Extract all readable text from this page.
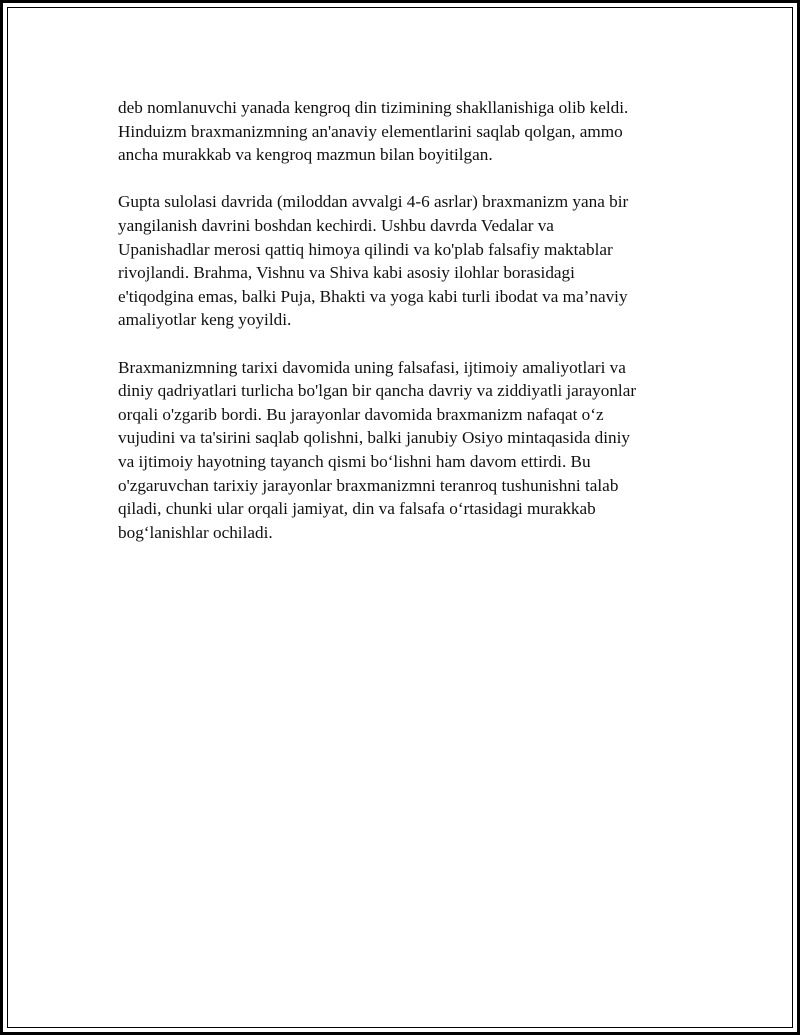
deb nomlanuvchi yanada kengroq din tizimining shakllanishiga olib keldi.
Hinduizm braxmanizmning an'anaviy elementlarini saqlab qolgan, ammo
ancha murakkab va kengroq mazmun bilan boyitilgan.

Gupta sulolasi davrida (miloddan avvalgi 4-6 asrlar) braxmanizm yana bir
yangilanish davrini boshdan kechirdi. Ushbu davrda Vedalar va
Upanishadlar merosi qattiq himoya qilindi va ko'plab falsafiy maktablar
rivojlandi. Brahma, Vishnu va Shiva kabi asosiy ilohlar borasidagi
e'tiqodgina emas, balki Puja, Bhakti va yoga kabi turli ibodat va ma’naviy
amaliyotlar keng yoyildi.

Braxmanizmning tarixi davomida uning falsafasi, ijtimoiy amaliyotlari va
diniy qadriyatlari turlicha bo'lgan bir qancha davriy va ziddiyatli jarayonlar
orqali o'zgarib bordi. Bu jarayonlar davomida braxmanizm nafaqat o‘z
vujudini va ta'sirini saqlab qolishni, balki janubiy Osiyo mintaqasida diniy
va ijtimoiy hayotning tayanch qismi bo‘lishni ham davom ettirdi. Bu
o'zgaruvchan tarixiy jarayonlar braxmanizmni teranroq tushunishni talab
qiladi, chunki ular orqali jamiyat, din va falsafa o‘rtasidagi murakkab
bog‘lanishlar ochiladi.
